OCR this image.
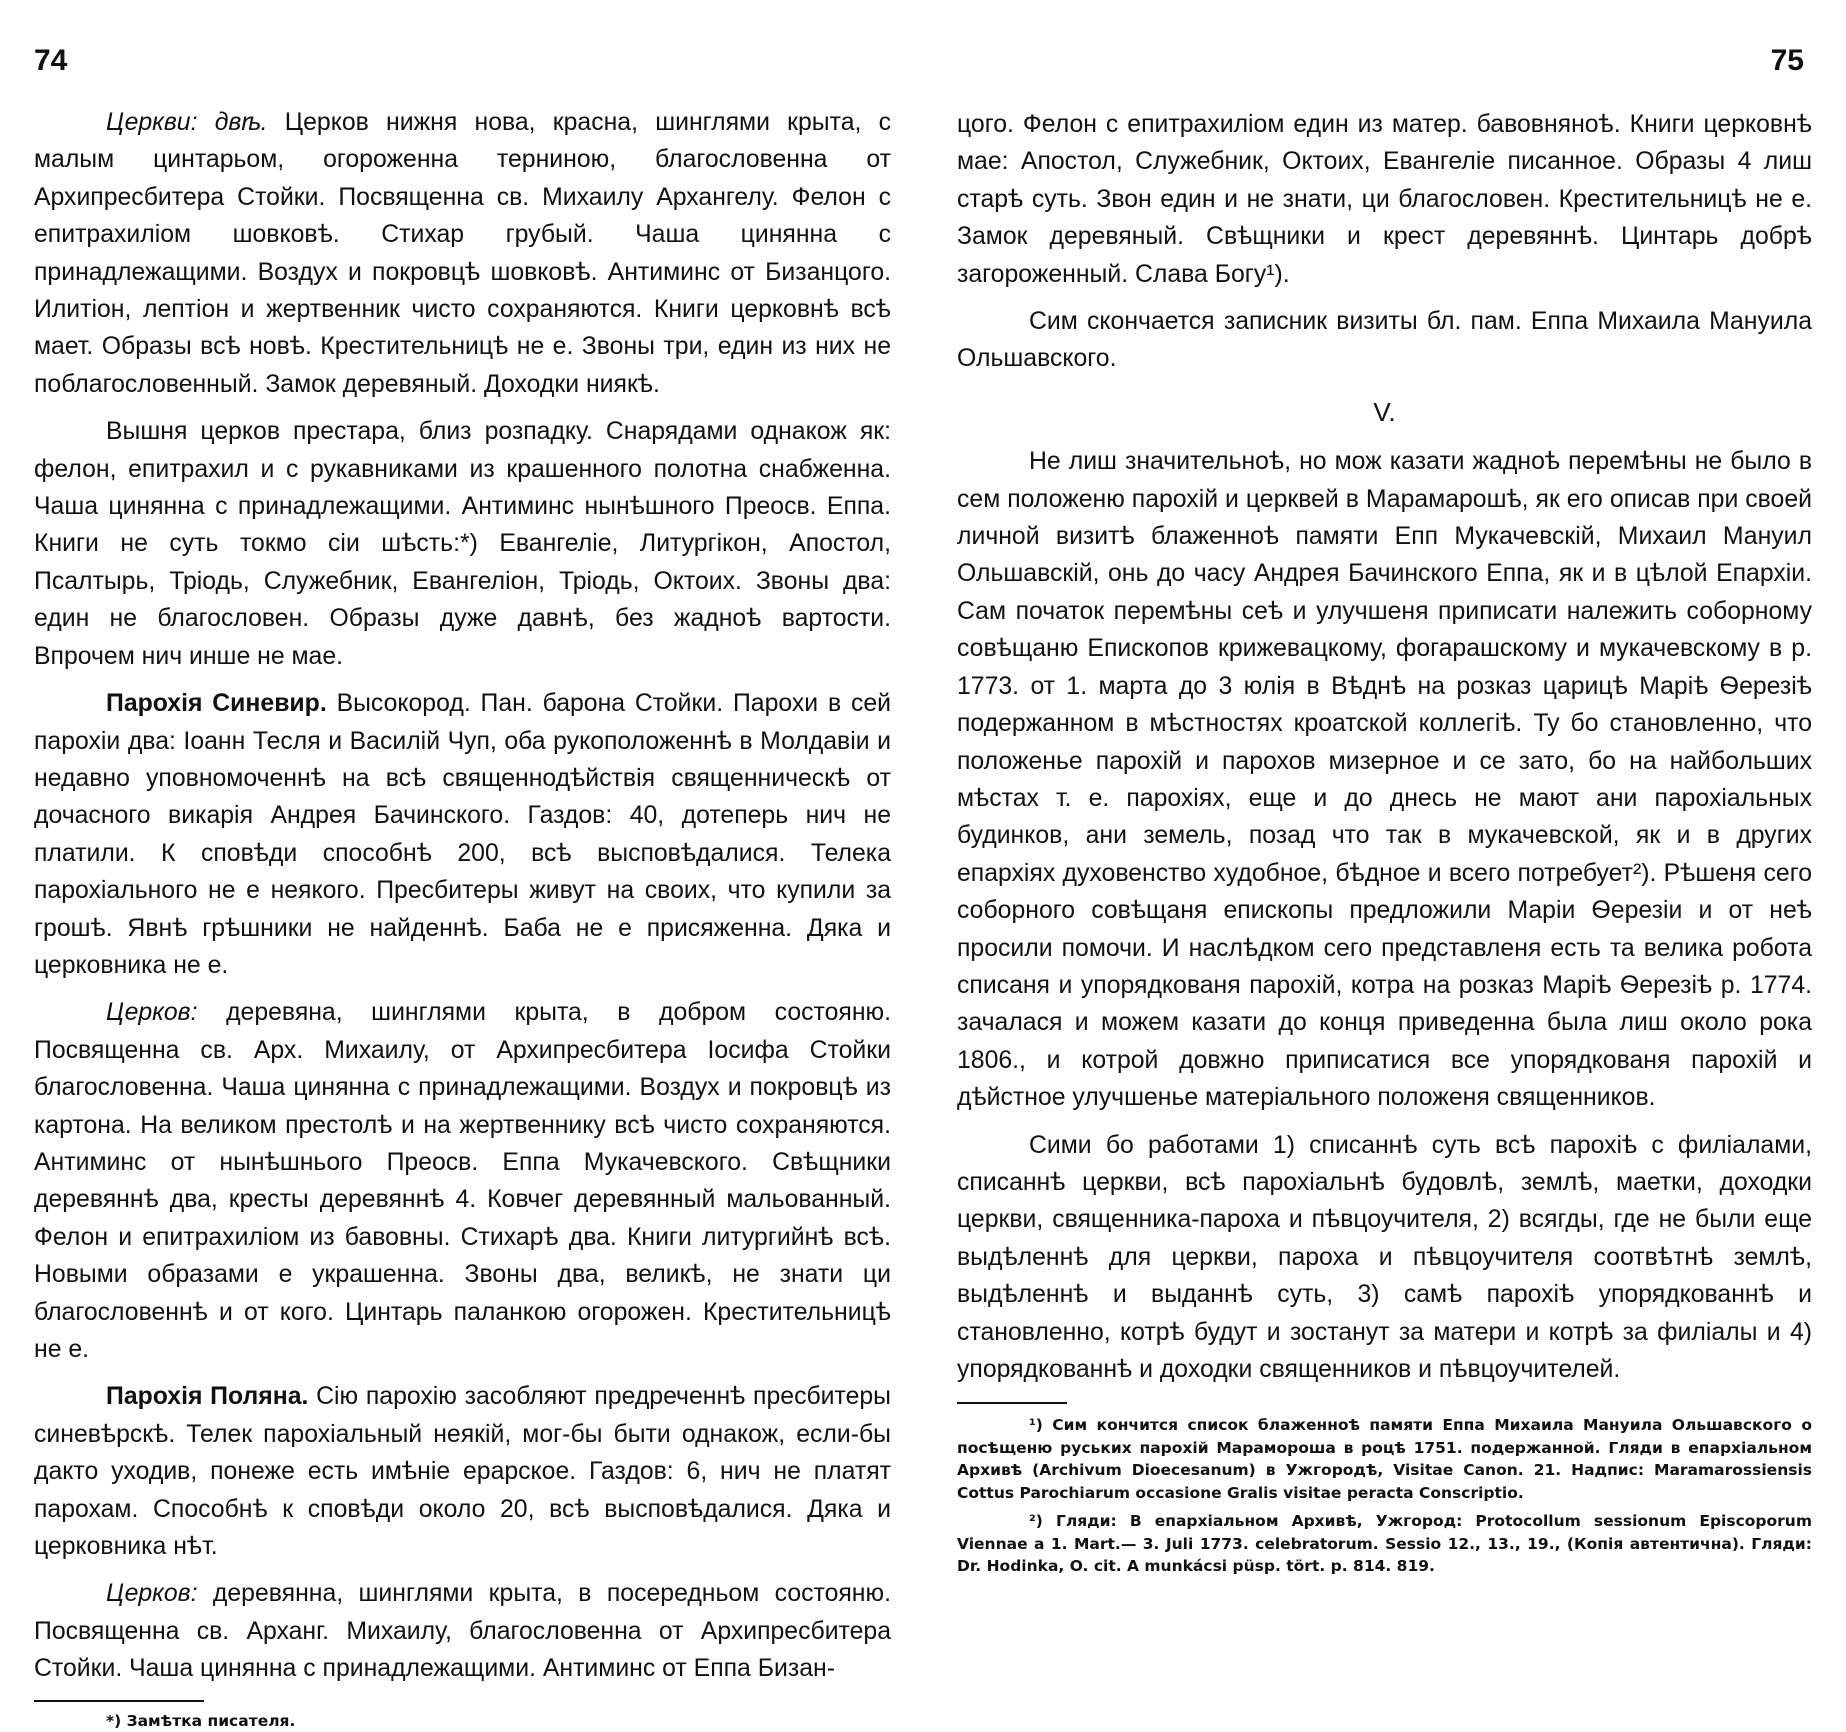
74

Церкви: двѣ. Церков нижня нова, красна, шинглями крыта, с малым цинтарьом, огороженна терниною, благословенна от Архипресбитера Стойки. Посвященна св. Михаилу Архангелу. Фелон с епитрахиліом шовковѣ. Стихар грубый. Чаша цинянна с принадлежащими. Воздух и покровцѣ шовковѣ. Антиминс от Бизанцого. Илитіон, лептіон и жертвенник чисто сохраняются. Книги церковнѣ всѣ мает. Образы всѣ новѣ. Крестительницѣ не е. Звоны три, един из них не поблагословенный. Замок деревяный. Доходки ниякѣ.

Вышня церков престара, близ розпадку. Снарядами однакож як: фелон, епитрахил и с рукавниками из крашенного полотна снабженна. Чаша цинянна с принадлежащими. Антиминс нынѣшного Преосв. Еппа. Книги не суть токмо сіи шѣсть:*) Евангеліе, Литургікон, Апостол, Псалтырь, Тріодь, Служебник, Евангеліон, Тріодь, Октоих. Звоны два: един не благословен. Образы дуже давнѣ, без жадноѣ вартости. Впрочем нич инше не мае.

Парохія Синевир. Высокород. Пан. барона Стойки. Парохи в сей парохіи два: Іоанн Тесля и Василій Чуп, оба рукоположеннѣ в Молдавіи и недавно уповномоченнѣ на всѣ священнодѣйствія священническѣ от дочасного викарія Андрея Бачинского. Газдов: 40, дотеперь нич не платили. К сповѣди способнѣ 200, всѣ высповѣдалися. Телека парохіального не е неякого. Пресбитеры живут на своих, что купили за грошѣ. Явнѣ грѣшники не найденнѣ. Баба не е присяженна. Дяка и церковника не е.

Церков: деревяна, шинглями крыта, в добром состояню. Посвященна св. Арх. Михаилу, от Архипресбитера Іосифа Стойки благословенна. Чаша цинянна с принадлежащими. Воздух и покровцѣ из картона. На великом престолѣ и на жертвеннику всѣ чисто сохраняются. Антиминс от нынѣшнього Преосв. Еппа Мукачевского. Свѣщники деревяннѣ два, кресты деревяннѣ 4. Ковчег деревянный мальованный. Фелон и епитрахиліом из бавовны. Стихарѣ два. Книги литургийнѣ всѣ. Новыми образами е украшенна. Звоны два, великѣ, не знати ци благословеннѣ и от кого. Цинтарь паланкою огорожен. Крестительницѣ не е.

Парохія Поляна. Сію парохію засобляют предреченнѣ пресбитеры синевѣрскѣ. Телек парохіальный неякій, мог-бы быти однакож, если-бы дакто уходив, понеже есть имѣніе ерарское. Газдов: 6, нич не платят парохам. Способнѣ к сповѣди около 20, всѣ высповѣдалися. Дяка и церковника нѣт.

Церков: деревянна, шинглями крыта, в посередньом состояню. Посвященна св. Арханг. Михаилу, благословенна от Архипресбитера Стойки. Чаша цинянна с принадлежащими. Антиминс от Еппа Бизан-

*) Замѣтка писателя.

75

цого. Фелон с епитрахиліом един из матер. бавовняноѣ. Книги церковнѣ мае: Апостол, Служебник, Октоих, Евангеліе писанное. Образы 4 лиш старѣ суть. Звон един и не знати, ци благословен. Крестительницѣ не е. Замок деревяный. Свѣщники и крест деревяннѣ. Цинтарь добрѣ загороженный. Слава Богу¹).

Сим скончается записник визиты бл. пам. Еппа Михаила Мануила Ольшавского.

V.

Не лиш значительноѣ, но мож казати жадноѣ перемѣны не было в сем положеню парохій и церквей в Марамарошѣ, як его описав при своей личной визитѣ блаженноѣ памяти Епп Мукачевскій, Михаил Мануил Ольшавскій, онь до часу Андрея Бачинского Еппа, як и в цѣлой Епархіи. Сам початок перемѣны сеѣ и улучшеня приписати належить соборному совѣщаню Епископов крижевацкому, фогарашскому и мукачевскому в р. 1773. от 1. марта до 3 юлія в Вѣднѣ на розказ царицѣ Маріѣ Ѳерезіѣ подержанном в мѣстностях кроатской коллегіѣ. Ту бо становленно, что положенье парохій и парохов мизерное и се зато, бо на найбольших мѣстах т. е. парохіях, еще и до днесь не мают ани парохіальных будинков, ани земель, позад что так в мукачевской, як и в других епархіях духовенство худобное, бѣдное и всего потребует²). Рѣшеня сего соборного совѣщаня епископы предложили Маріи Ѳерезіи и от неѣ просили помочи. И наслѣдком сего представленя есть та велика робота списаня и упорядкованя парохій, котра на розказ Маріѣ Ѳерезіѣ р. 1774. зачалася и можем казати до конця приведенна была лиш около рока 1806., и котрой довжно приписатися все упорядкованя парохій и дѣйстное улучшенье матеріального положеня священников.

Сими бо работами 1) списаннѣ суть всѣ парохіѣ с филіалами, списаннѣ церкви, всѣ парохіальнѣ будовлѣ, землѣ, маетки, доходки церкви, священника-пароха и пѣвцоучителя, 2) всягды, где не были еще выдѣленнѣ для церкви, пароха и пѣвцоучителя соотвѣтнѣ землѣ, выдѣленнѣ и выданнѣ суть, 3) самѣ парохіѣ упорядкованнѣ и становленно, котрѣ будут и зостанут за матери и котрѣ за филіалы и 4) упорядкованнѣ и доходки священников и пѣвцоучителей.

¹) Сим кончится список блаженноѣ памяти Еппа Михаила Мануила Ольшавского о посѣщеню руських парохій Марамороша в роцѣ 1751. подержанной. Гляди в епархіальном Архивѣ (Archivum Dioecesanum) в Ужгородѣ, Visitae Canon. 21. Надпис: Maramarossiensis Cottus Parochiarum occasione Gralis visitae peracta Conscriptio.

²) Гляди: В епархіальном Архивѣ, Ужгород: Protocollum sessionum Episcoporum Viennae a 1. Mart.— 3. Juli 1773. celebratorum. Sessio 12., 13., 19., (Копія автентична). Гляди: Dr. Hodinka, O. cit. A munkácsi püsp. tört. p. 814. 819.
